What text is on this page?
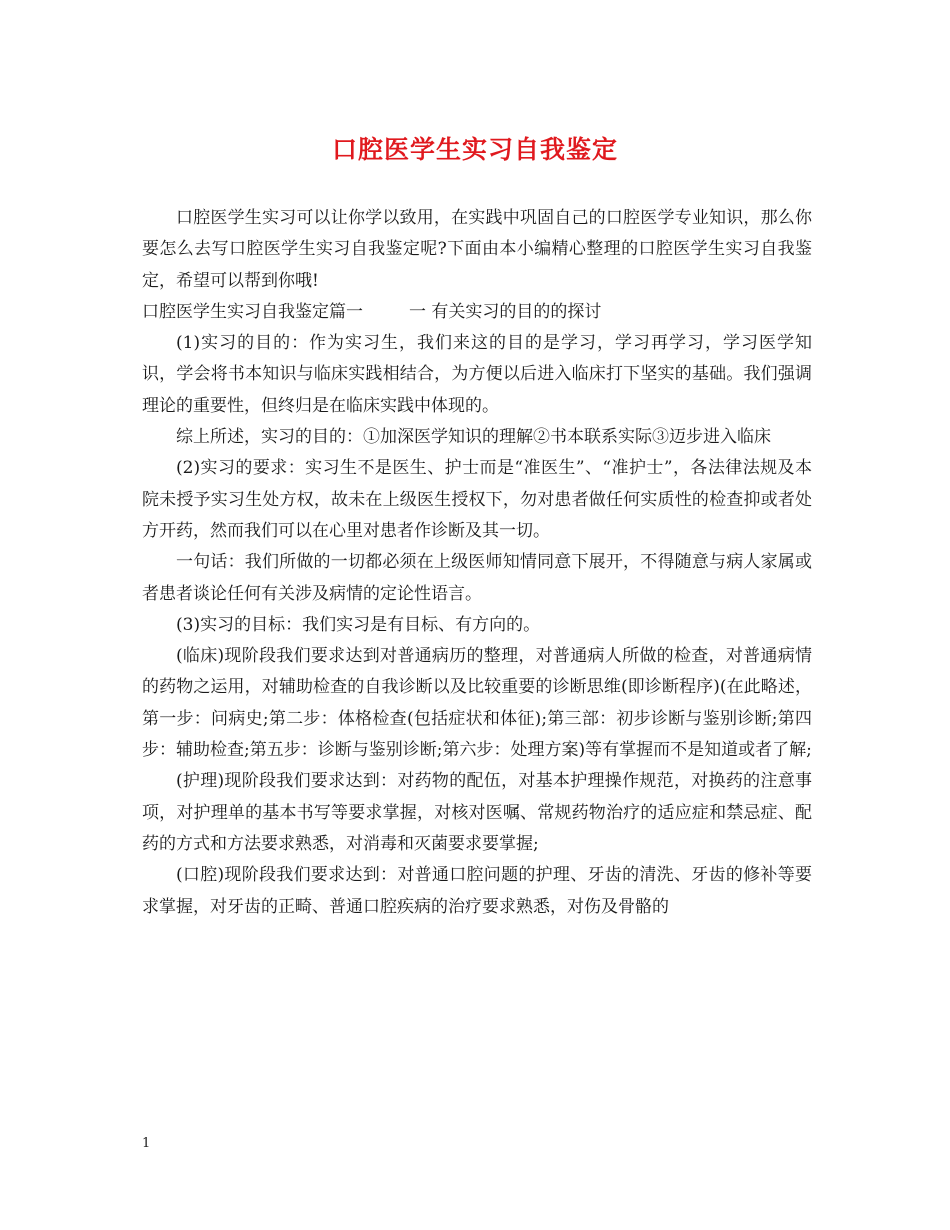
口腔医学生实习自我鉴定

口腔医学生实习可以让你学以致用，在实践中巩固自己的口腔医学专业知识，那么你要怎么去写口腔医学生实习自我鉴定呢?下面由本小编精心整理的口腔医学生实习自我鉴定，希望可以帮到你哦!

口腔医学生实习自我鉴定篇一	一 有关实习的目的的探讨

(1)实习的目的：作为实习生，我们来这的目的是学习，学习再学习，学习医学知识，学会将书本知识与临床实践相结合，为方便以后进入临床打下坚实的基础。我们强调理论的重要性，但终归是在临床实践中体现的。

综上所述，实习的目的：①加深医学知识的理解②书本联系实际③迈步进入临床

(2)实习的要求：实习生不是医生、护士而是“准医生”、“准护士”，各法律法规及本院未授予实习生处方权，故未在上级医生授权下，勿对患者做任何实质性的检查抑或者处方开药，然而我们可以在心里对患者作诊断及其一切。

一句话：我们所做的一切都必须在上级医师知情同意下展开，不得随意与病人家属或者患者谈论任何有关涉及病情的定论性语言。

(3)实习的目标：我们实习是有目标、有方向的。

(临床)现阶段我们要求达到对普通病历的整理，对普通病人所做的检查，对普通病情的药物之运用，对辅助检查的自我诊断以及比较重要的诊断思维(即诊断程序)(在此略述，第一步：问病史;第二步：体格检查(包括症状和体征);第三部：初步诊断与鉴别诊断;第四步：辅助检查;第五步：诊断与鉴别诊断;第六步：处理方案)等有掌握而不是知道或者了解;

(护理)现阶段我们要求达到：对药物的配伍，对基本护理操作规范，对换药的注意事项，对护理单的基本书写等要求掌握，对核对医嘱、常规药物治疗的适应症和禁忌症、配药的方式和方法要求熟悉，对消毒和灭菌要求要掌握;

(口腔)现阶段我们要求达到：对普通口腔问题的护理、牙齿的清洗、牙齿的修补等要求掌握，对牙齿的正畸、普通口腔疾病的治疗要求熟悉，对伤及骨骼的

1
